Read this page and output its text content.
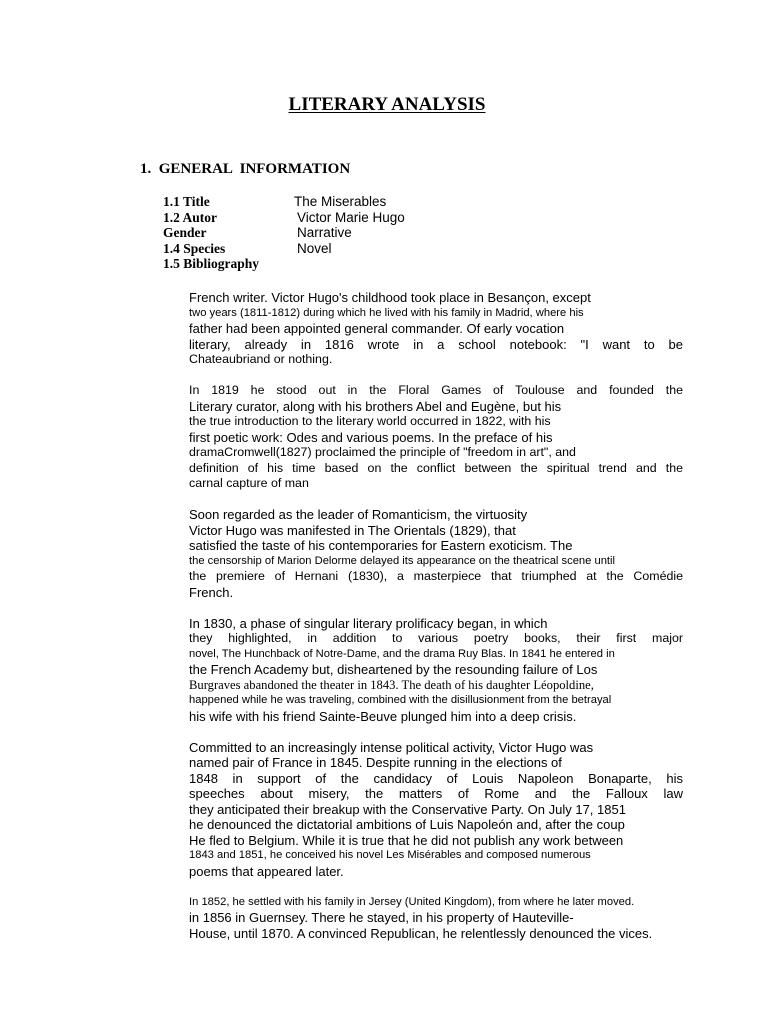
LITERARY ANALYSIS
1.  GENERAL  INFORMATION
1.1 Title	The Miserables
1.2 Autor	Victor Marie Hugo
Gender	Narrative
1.4 Species	Novel
1.5 Bibliography
French writer. Victor Hugo's childhood took place in Besançon, except
two years (1811-1812) during which he lived with his family in Madrid, where his
father had been appointed general commander. Of early vocation
literary, already in 1816 wrote in a school notebook: "I want to be
Chateaubriand or nothing.
In 1819 he stood out in the Floral Games of Toulouse and founded the
Literary curator, along with his brothers Abel and Eugène, but his
the true introduction to the literary world occurred in 1822, with his
first poetic work: Odes and various poems. In the preface of his
dramaCromwell(1827) proclaimed the principle of "freedom in art", and
definition of his time based on the conflict between the spiritual trend and the
carnal capture of man
Soon regarded as the leader of Romanticism, the virtuosity
Victor Hugo was manifested in The Orientals (1829), that
satisfied the taste of his contemporaries for Eastern exoticism. The
the censorship of Marion Delorme delayed its appearance on the theatrical scene until
the premiere of Hernani (1830), a masterpiece that triumphed at the Comédie
French.
In 1830, a phase of singular literary prolificacy began, in which
they highlighted, in addition to various poetry books, their first major
novel, The Hunchback of Notre-Dame, and the drama Ruy Blas. In 1841 he entered in
the French Academy but, disheartened by the resounding failure of Los
Burgraves abandoned the theater in 1843. The death of his daughter Léopoldine,
happened while he was traveling, combined with the disillusionment from the betrayal
his wife with his friend Sainte-Beuve plunged him into a deep crisis.
Committed to an increasingly intense political activity, Victor Hugo was
named pair of France in 1845. Despite running in the elections of
1848 in support of the candidacy of Louis Napoleon Bonaparte, his
speeches about misery, the matters of Rome and the Falloux law
they anticipated their breakup with the Conservative Party. On July 17, 1851
he denounced the dictatorial ambitions of Luis Napoleón and, after the coup
He fled to Belgium. While it is true that he did not publish any work between
1843 and 1851, he conceived his novel Les Misérables and composed numerous
poems that appeared later.
In 1852, he settled with his family in Jersey (United Kingdom), from where he later moved.
in 1856 in Guernsey. There he stayed, in his property of Hauteville-
House, until 1870. A convinced Republican, he relentlessly denounced the vices.
